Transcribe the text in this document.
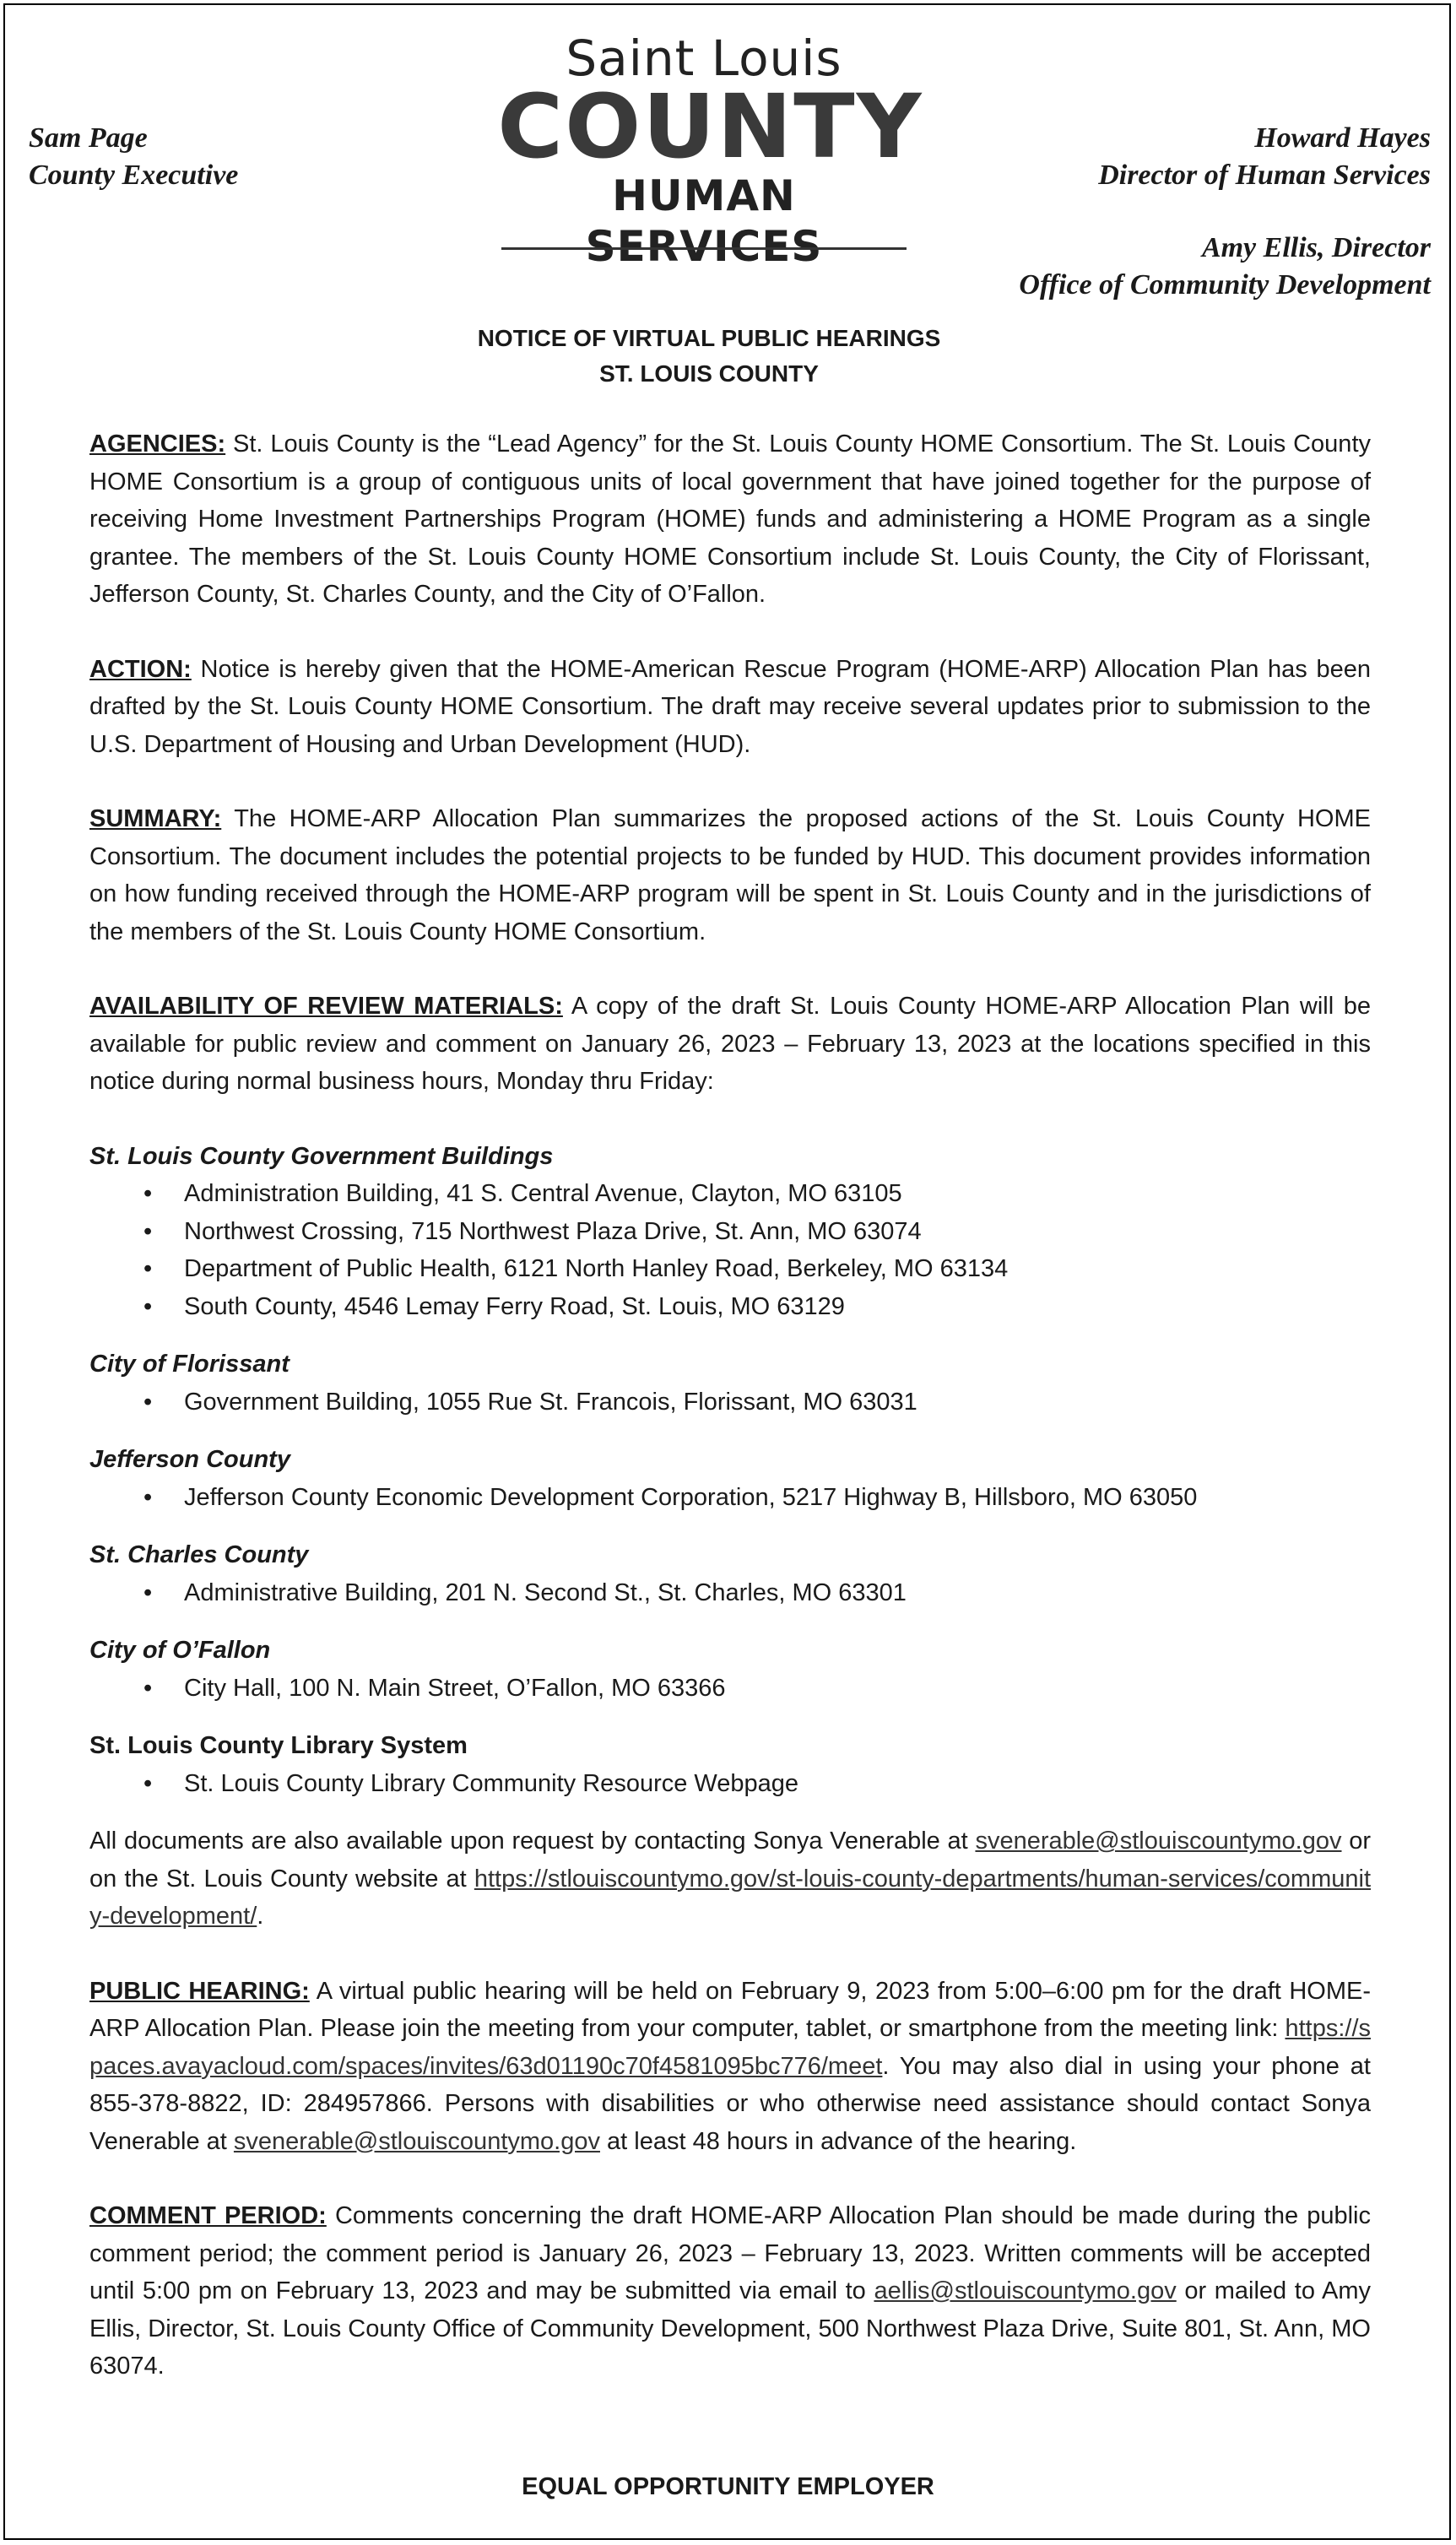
Sam Page
County Executive
Saint Louis
COUNTY
HUMAN SERVICES
Howard Hayes
Director of Human Services
Amy Ellis, Director
Office of Community Development
NOTICE OF VIRTUAL PUBLIC HEARINGS
ST. LOUIS COUNTY

AGENCIES: St. Louis County is the “Lead Agency” for the St. Louis County HOME Consortium. The St. Louis County HOME Consortium is a group of contiguous units of local government that have joined together for the purpose of receiving Home Investment Partnerships Program (HOME) funds and administering a HOME Program as a single grantee. The members of the St. Louis County HOME Consortium include St. Louis County, the City of Florissant, Jefferson County, St. Charles County, and the City of O’Fallon.

ACTION: Notice is hereby given that the HOME-American Rescue Program (HOME-ARP) Allocation Plan has been drafted by the St. Louis County HOME Consortium. The draft may receive several updates prior to submission to the U.S. Department of Housing and Urban Development (HUD).

SUMMARY: The HOME-ARP Allocation Plan summarizes the proposed actions of the St. Louis County HOME Consortium. The document includes the potential projects to be funded by HUD. This document provides information on how funding received through the HOME-ARP program will be spent in St. Louis County and in the jurisdictions of the members of the St. Louis County HOME Consortium.

AVAILABILITY OF REVIEW MATERIALS: A copy of the draft St. Louis County HOME-ARP Allocation Plan will be available for public review and comment on January 26, 2023 – February 13, 2023 at the locations specified in this notice during normal business hours, Monday thru Friday:

St. Louis County Government Buildings

• Administration Building, 41 S. Central Avenue, Clayton, MO 63105
• Northwest Crossing, 715 Northwest Plaza Drive, St. Ann, MO 63074
• Department of Public Health, 6121 North Hanley Road, Berkeley, MO 63134
• South County, 4546 Lemay Ferry Road, St. Louis, MO 63129

City of Florissant

• Government Building, 1055 Rue St. Francois, Florissant, MO 63031

Jefferson County

• Jefferson County Economic Development Corporation, 5217 Highway B, Hillsboro, MO 63050

St. Charles County

• Administrative Building, 201 N. Second St., St. Charles, MO 63301

City of O’Fallon

• City Hall, 100 N. Main Street, O’Fallon, MO 63366

St. Louis County Library System

• St. Louis County Library Community Resource Webpage

All documents are also available upon request by contacting Sonya Venerable at svenerable@stlouiscountymo.gov or on the St. Louis County website at https://stlouiscountymo.gov/st-louis-county-departments/human-services/community-development/.

PUBLIC HEARING: A virtual public hearing will be held on February 9, 2023 from 5:00–6:00 pm for the draft HOME-ARP Allocation Plan. Please join the meeting from your computer, tablet, or smartphone from the meeting link: https://spaces.avayacloud.com/spaces/invites/63d01190c70f4581095bc776/meet. You may also dial in using your phone at 855-378-8822, ID: 284957866. Persons with disabilities or who otherwise need assistance should contact Sonya Venerable at svenerable@stlouiscountymo.gov at least 48 hours in advance of the hearing.

COMMENT PERIOD: Comments concerning the draft HOME-ARP Allocation Plan should be made during the public comment period; the comment period is January 26, 2023 – February 13, 2023. Written comments will be accepted until 5:00 pm on February 13, 2023 and may be submitted via email to aellis@stlouiscountymo.gov or mailed to Amy Ellis, Director, St. Louis County Office of Community Development, 500 Northwest Plaza Drive, Suite 801, St. Ann, MO 63074.

EQUAL OPPORTUNITY EMPLOYER
